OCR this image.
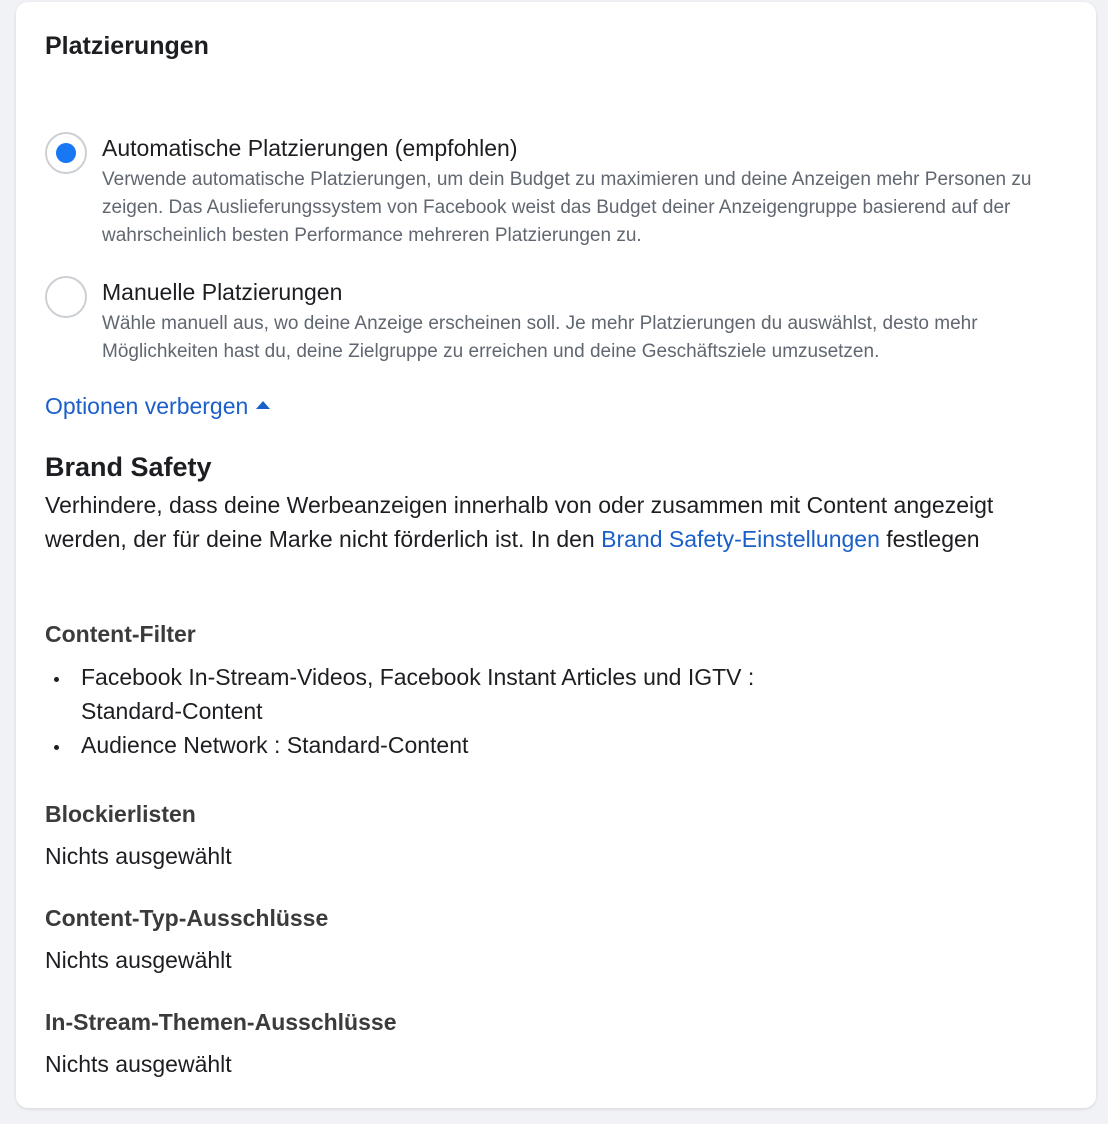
Platzierungen
Automatische Platzierungen (empfohlen)
Verwende automatische Platzierungen, um dein Budget zu maximieren und deine Anzeigen mehr Personen zu zeigen. Das Auslieferungssystem von Facebook weist das Budget deiner Anzeigengruppe basierend auf der wahrscheinlich besten Performance mehreren Platzierungen zu.
Manuelle Platzierungen
Wähle manuell aus, wo deine Anzeige erscheinen soll. Je mehr Platzierungen du auswählst, desto mehr Möglichkeiten hast du, deine Zielgruppe zu erreichen und deine Geschäftsziele umzusetzen.
Optionen verbergen
Brand Safety
Verhindere, dass deine Werbeanzeigen innerhalb von oder zusammen mit Content angezeigt werden, der für deine Marke nicht förderlich ist. In den Brand Safety-Einstellungen festlegen
Content-Filter
Facebook In-Stream-Videos, Facebook Instant Articles und IGTV :
Standard-Content
Audience Network : Standard-Content
Blockierlisten
Nichts ausgewählt
Content-Typ-Ausschlüsse
Nichts ausgewählt
In-Stream-Themen-Ausschlüsse
Nichts ausgewählt
